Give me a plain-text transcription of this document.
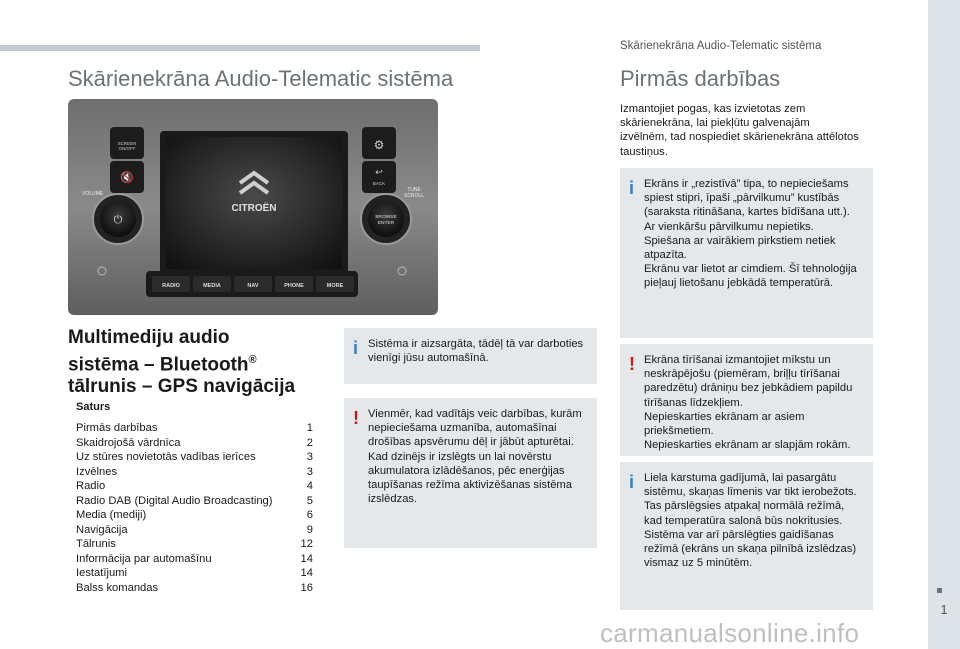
Skārienekrāna Audio-Telematic sistēma
1
Skārienekrāna Audio-Telematic sistēma
CITROËN
SCREEN
ON/OFF
🔇
⚙
↩
BACK
VOLUME
⏻
TUNE
SCROLL
BROWSE
ENTER
RADIO	MEDIA	NAV	PHONE	MORE
Multimediju audio
sistēma – Bluetooth®
tālrunis – GPS navigācija
Saturs
Pirmās darbības	1
Skaidrojošā vārdnīca	2
Uz stūres novietotās vadības ierīces	3
Izvēlnes	3
Radio	4
Radio DAB (Digital Audio Broadcasting)	5
Media (mediji)	6
Navigācija	9
Tālrunis	12
Informācija par automašīnu	14
Iestatījumi	14
Balss komandas	16
i Sistēma ir aizsargāta, tādēļ tā var darboties vienīgi jūsu automašīnā.
! Vienmēr, kad vadītājs veic darbības, kurām nepieciešama uzmanība, automašīnai drošības apsvērumu dēļ ir jābūt apturētai.
Kad dzinējs ir izslēgts un lai novērstu akumulatora izlādēšanos, pēc enerģijas taupīšanas režīma aktivizēšanas sistēma izslēdzas.
Pirmās darbības
Izmantojiet pogas, kas izvietotas zem skārienekrāna, lai piekļūtu galvenajām izvēlnēm, tad nospiediet skārienekrāna attēlotos taustiņus.
i Ekrāns ir „rezistīvā” tipa, to nepieciešams spiest stipri, īpaši „pārvilkumu” kustībās (saraksta ritināšana, kartes bīdīšana utt.). Ar vienkāršu pārvilkumu nepietiks. Spiešana ar vairākiem pirkstiem netiek atpazīta.
Ekrānu var lietot ar cimdiem. Šī tehnoloģija pieļauj lietošanu jebkādā temperatūrā.
! Ekrāna tīrīšanai izmantojiet mīkstu un neskrāpējošu (piemēram, briļļu tīrīšanai paredzētu) drāniņu bez jebkādiem papildu tīrīšanas līdzekļiem.
Nepieskarties ekrānam ar asiem priekšmetiem.
Nepieskarties ekrānam ar slapjām rokām.
i Liela karstuma gadījumā, lai pasargātu sistēmu, skaņas līmenis var tikt ierobežots. Tas pārslēgsies atpakaļ normālā režīmā, kad temperatūra salonā būs nokritusies.
Sistēma var arī pārslēgties gaidīšanas režīmā (ekrāns un skaņa pilnībā izslēdzas) vismaz uz 5 minūtēm.
carmanualsonline.info
